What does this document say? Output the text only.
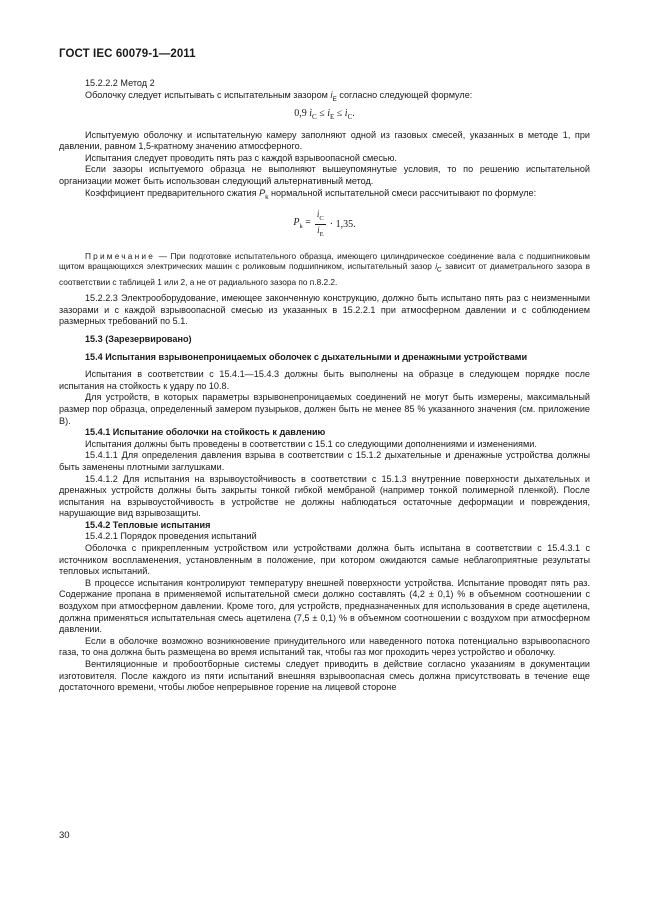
ГОСТ IEC 60079-1—2011

15.2.2.2 Метод 2

Оболочку следует испытывать с испытательным зазором $i_E$ согласно следующей формуле:

0,9 $i_C \le i_E \le i_C$.

Испытуемую оболочку и испытательную камеру заполняют одной из газовых смесей, указанных в методе 1, при давлении, равном 1,5-кратному значению атмосферного.

Испытания следует проводить пять раз с каждой взрывоопасной смесью.

Если зазоры испытуемого образца не выполняют вышеупомянутые условия, то по решению испытательной организации может быть использован следующий альтернативный метод.

Коэффициент предварительного сжатия $P_k$ нормальной испытательной смеси рассчитывают по формуле:

$P_k = \frac{i_C}{i_E} \cdot 1,35$.
Примечание — При подготовке испытательного образца, имеющего цилиндрическое соединение вала с подшипниковым щитом вращающихся электрических машин с роликовым подшипником, испытательный зазор $i_C$ зависит от диаметрального зазора в соответствии с таблицей 1 или 2, а не от радиального зазора по п.8.2.2.

15.2.2.3 Электрооборудование, имеющее законченную конструкцию, должно быть испытано пять раз с неизменными зазорами и с каждой взрывоопасной смесью из указанных в 15.2.2.1 при атмосферном давлении и с соблюдением размерных требований по 5.1.

15.3 (Зарезервировано)

15.4 Испытания взрывонепроницаемых оболочек с дыхательными и дренажными устройствами

Испытания в соответствии с 15.4.1—15.4.3 должны быть выполнены на образце в следующем порядке после испытания на стойкость к удару по 10.8.

Для устройств, в которых параметры взрывонепроницаемых соединений не могут быть измерены, максимальный размер пор образца, определенный замером пузырьков, должен быть не менее 85 % указанного значения (см. приложение В).

15.4.1 Испытание оболочки на стойкость к давлению

Испытания должны быть проведены в соответствии с 15.1 со следующими дополнениями и изменениями.

15.4.1.1 Для определения давления взрыва в соответствии с 15.1.2 дыхательные и дренажные устройства должны быть заменены плотными заглушками.

15.4.1.2 Для испытания на взрывоустойчивость в соответствии с 15.1.3 внутренние поверхности дыхательных и дренажных устройств должны быть закрыты тонкой гибкой мембраной (например тонкой полимерной пленкой). После испытания на взрывоустойчивость в устройстве не должны наблюдаться остаточные деформации и повреждения, нарушающие вид взрывозащиты.

15.4.2 Тепловые испытания

15.4.2.1 Порядок проведения испытаний

Оболочка с прикрепленным устройством или устройствами должна быть испытана в соответствии с 15.4.3.1 с источником воспламенения, установленным в положение, при котором ожидаются самые неблагоприятные результаты тепловых испытаний.

В процессе испытания контролируют температуру внешней поверхности устройства. Испытание проводят пять раз. Содержание пропана в применяемой испытательной смеси должно составлять (4,2 ± 0,1) % в объемном соотношении с воздухом при атмосферном давлении. Кроме того, для устройств, предназначенных для использования в среде ацетилена, должна применяться испытательная смесь ацетилена (7,5 ± 0,1) % в объемном соотношении с воздухом при атмосферном давлении.

Если в оболочке возможно возникновение принудительного или наведенного потока потенциально взрывоопасного газа, то она должна быть размещена во время испытаний так, чтобы газ мог проходить через устройство и оболочку.

Вентиляционные и пробоотборные системы следует приводить в действие согласно указаниям в документации изготовителя. После каждого из пяти испытаний внешняя взрывоопасная смесь должна присутствовать в течение еще достаточного времени, чтобы любое непрерывное горение на лицевой стороне

30
